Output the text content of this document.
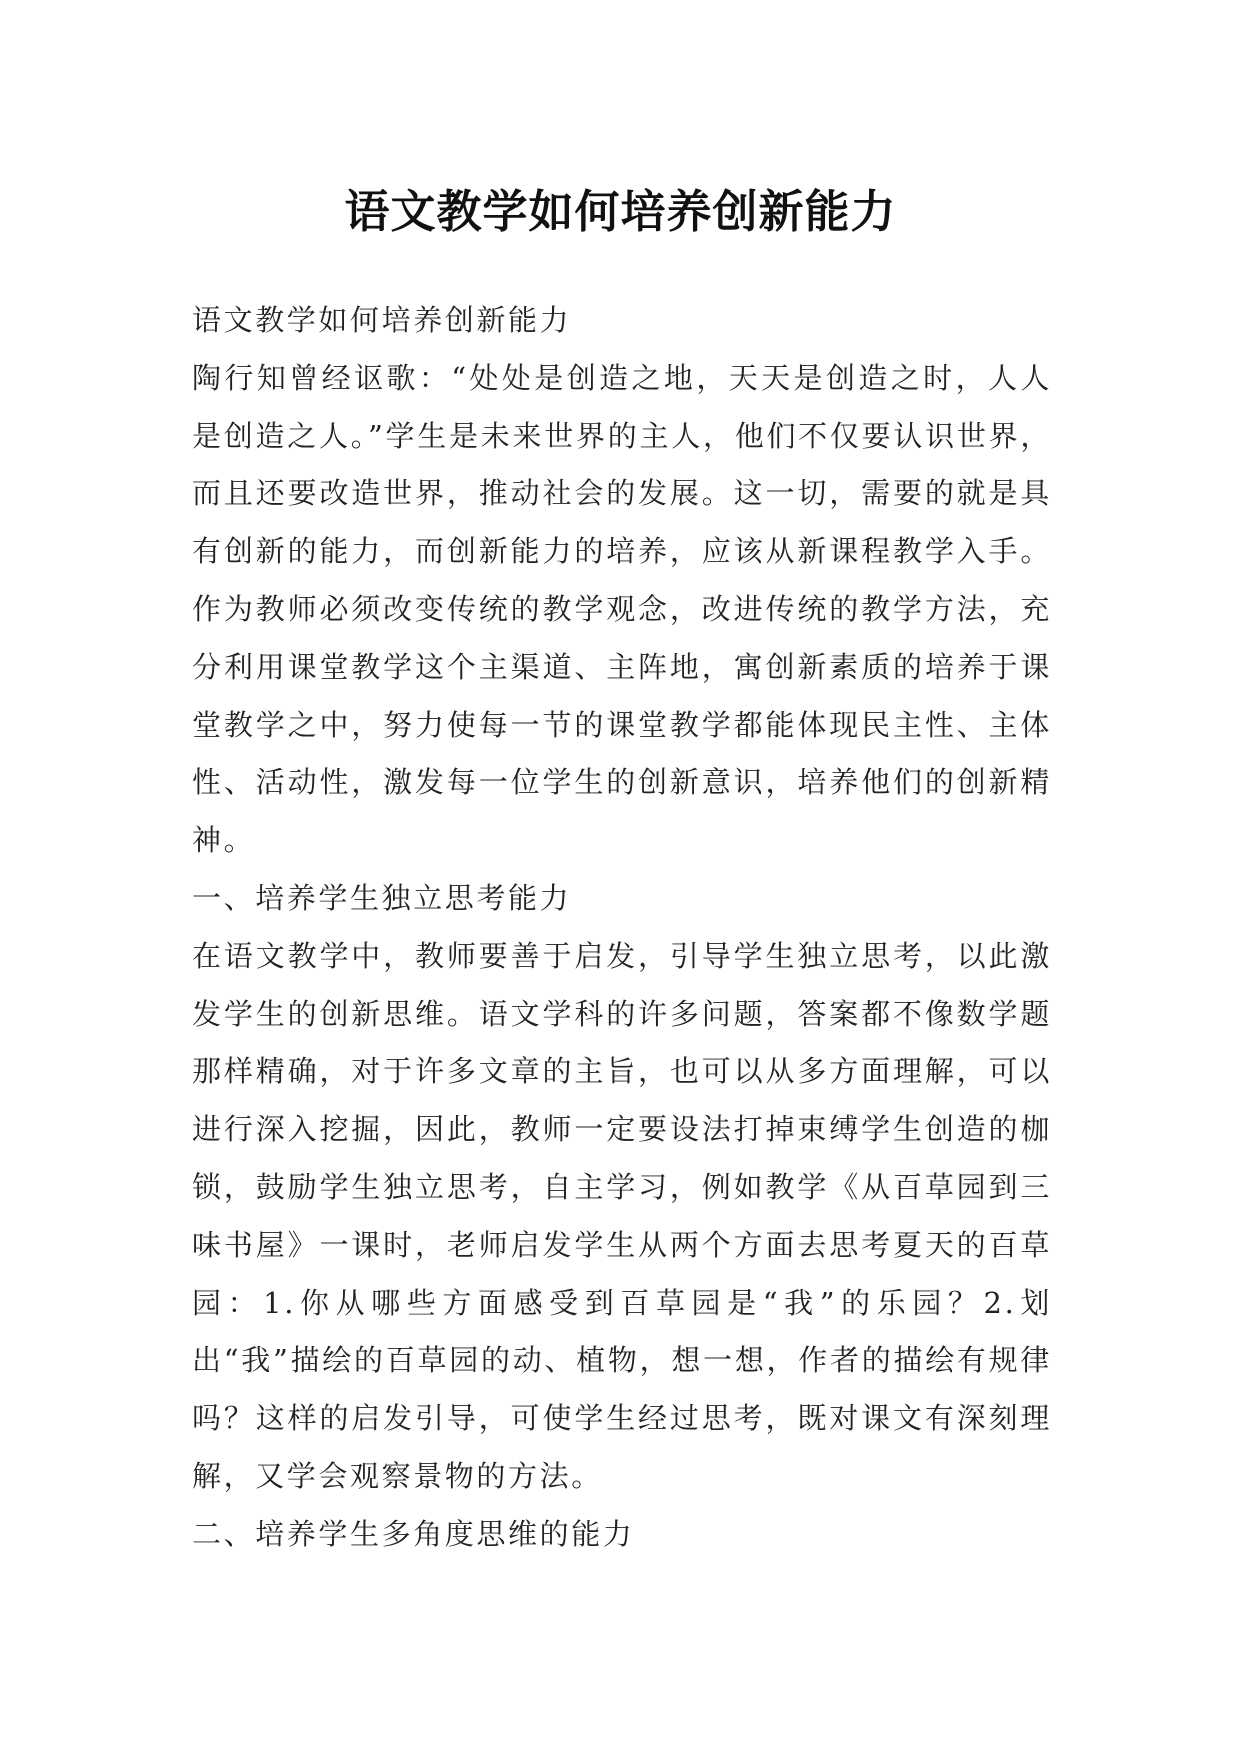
语文教学如何培养创新能力

语文教学如何培养创新能力

陶行知曾经讴歌：“处处是创造之地，天天是创造之时，人人是创造之人。”学生是未来世界的主人，他们不仅要认识世界，而且还要改造世界，推动社会的发展。这一切，需要的就是具有创新的能力，而创新能力的培养，应该从新课程教学入手。作为教师必须改变传统的教学观念，改进传统的教学方法，充分利用课堂教学这个主渠道、主阵地，寓创新素质的培养于课堂教学之中，努力使每一节的课堂教学都能体现民主性、主体性、活动性，激发每一位学生的创新意识，培养他们的创新精神。

一、培养学生独立思考能力

在语文教学中，教师要善于启发，引导学生独立思考，以此激发学生的创新思维。语文学科的许多问题，答案都不像数学题那样精确，对于许多文章的主旨，也可以从多方面理解，可以进行深入挖掘，因此，教师一定要设法打掉束缚学生创造的枷锁，鼓励学生独立思考，自主学习，例如教学《从百草园到三味书屋》一课时，老师启发学生从两个方面去思考夏天的百草园：1.你从哪些方面感受到百草园是“我”的乐园？2.划出“我”描绘的百草园的动、植物，想一想，作者的描绘有规律吗？这样的启发引导，可使学生经过思考，既对课文有深刻理解，又学会观察景物的方法。

二、培养学生多角度思维的能力
